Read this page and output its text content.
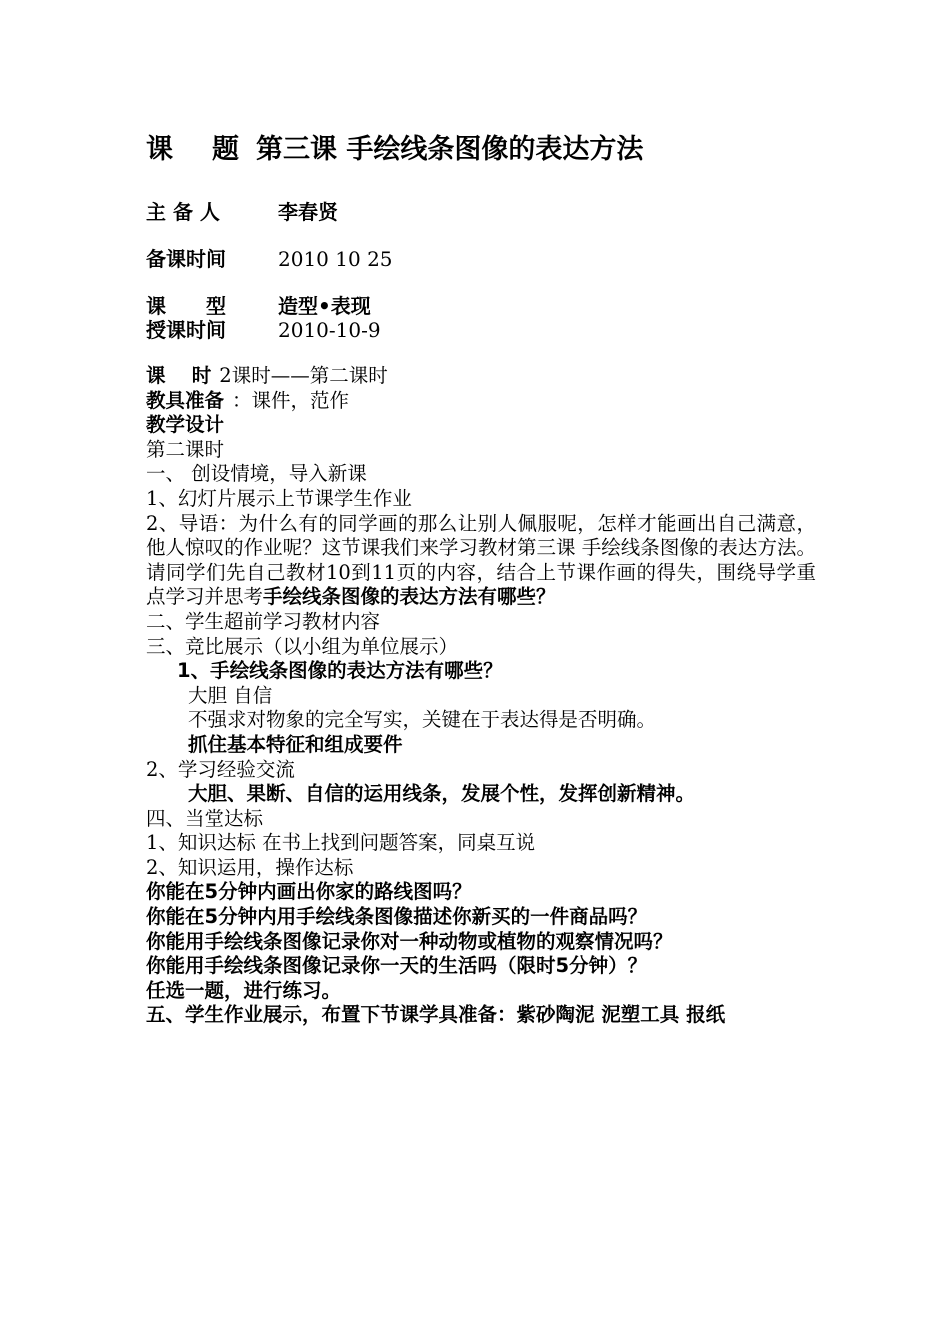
课　题 第三课 手绘线条图像的表达方法
主 备 人	李春贤
备课时间	2010 10 25
课　　型	造型•表现
授课时间	2010-10-9
课　 时 2课时——第二课时
教具准备 ：课件，范作
教学设计
第二课时
一、 创设情境，导入新课
1、幻灯片展示上节课学生作业
2、导语：为什么有的同学画的那么让别人佩服呢，怎样才能画出自己满意，他人惊叹的作业呢？这节课我们来学习教材第三课 手绘线条图像的表达方法。请同学们先自己教材10到11页的内容，结合上节课作画的得失，围绕导学重点学习并思考手绘线条图像的表达方法有哪些？
二、学生超前学习教材内容
三、竞比展示（以小组为单位展示）
1、手绘线条图像的表达方法有哪些？
大胆 自信
不强求对物象的完全写实，关键在于表达得是否明确。
抓住基本特征和组成要件
2、学习经验交流
大胆、果断、自信的运用线条，发展个性，发挥创新精神。
四、当堂达标
1、知识达标 在书上找到问题答案，同桌互说
2、知识运用，操作达标
你能在5分钟内画出你家的路线图吗？
你能在5分钟内用手绘线条图像描述你新买的一件商品吗？
你能用手绘线条图像记录你对一种动物或植物的观察情况吗？
你能用手绘线条图像记录你一天的生活吗（限时5分钟）？
任选一题，进行练习。
五、学生作业展示，布置下节课学具准备：紫砂陶泥 泥塑工具 报纸
